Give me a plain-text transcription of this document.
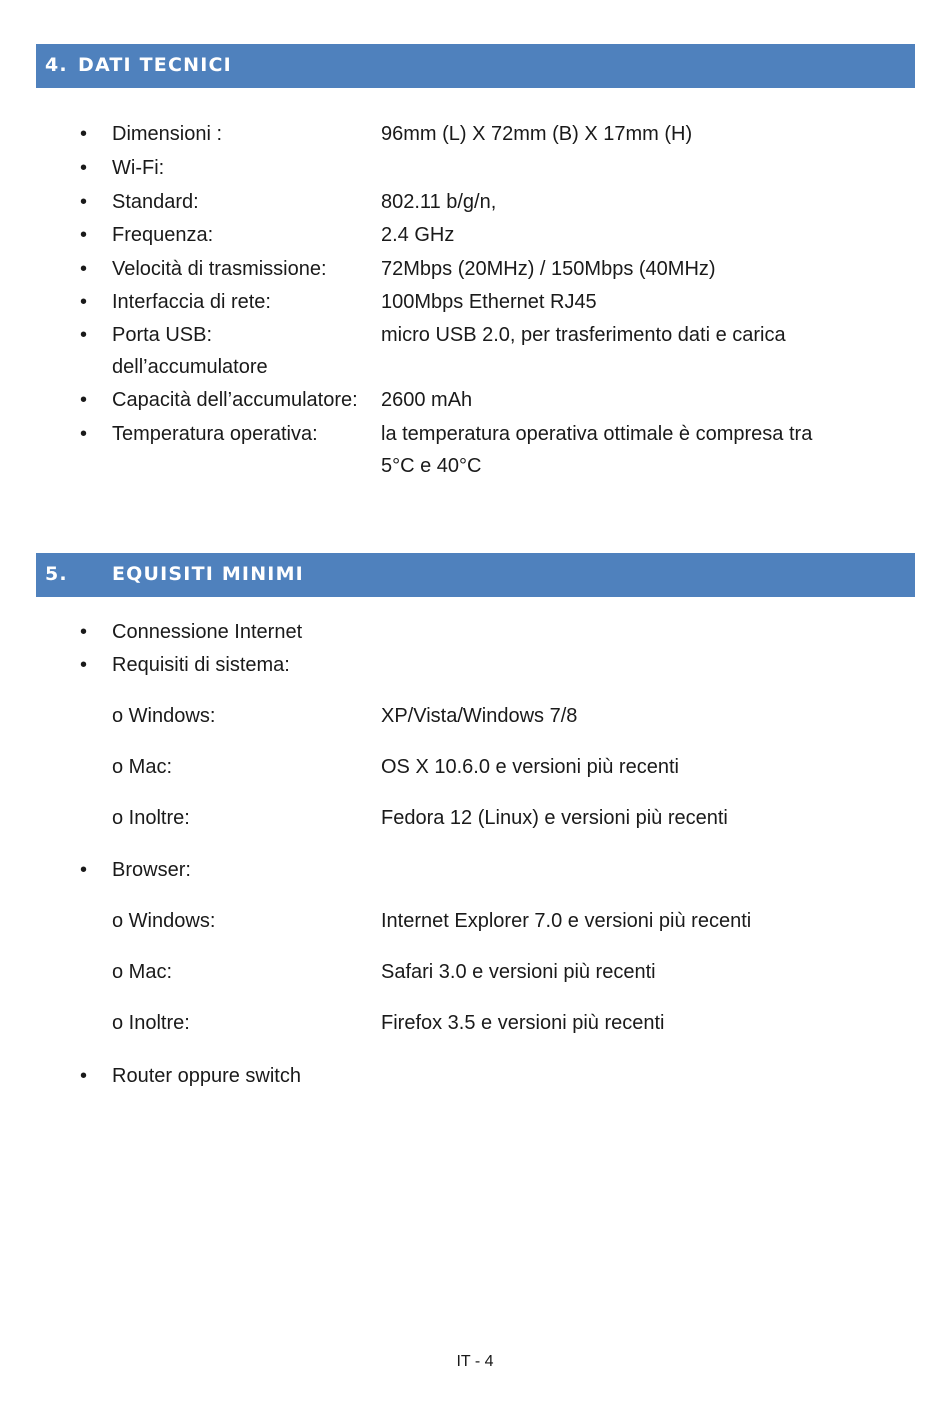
4. DATI TECNICI
• Dimensioni :	96mm (L) X 72mm (B) X 17mm (H)
• Wi-Fi:
• Standard:	802.11 b/g/n,
• Frequenza:	2.4 GHz
• Velocità di trasmissione:	72Mbps (20MHz) / 150Mbps (40MHz)
• Interfaccia di rete:	100Mbps Ethernet RJ45
• Porta USB:	micro USB 2.0, per trasferimento dati e carica
dell’accumulatore
• Capacità dell’accumulatore: 2600 mAh
• Temperatura operativa:	la temperatura operativa ottimale è compresa tra
5°C e 40°C
5. EQUISITI MINIMI
• Connessione Internet
• Requisiti di sistema:
o Windows:	XP/Vista/Windows 7/8
o Mac:	OS X 10.6.0 e versioni più recenti
o Inoltre:	Fedora 12 (Linux) e versioni più recenti
• Browser:
o Windows:	Internet Explorer 7.0 e versioni più recenti
o Mac:	Safari 3.0 e versioni più recenti
o Inoltre:	Firefox 3.5 e versioni più recenti
• Router oppure switch
IT - 4
